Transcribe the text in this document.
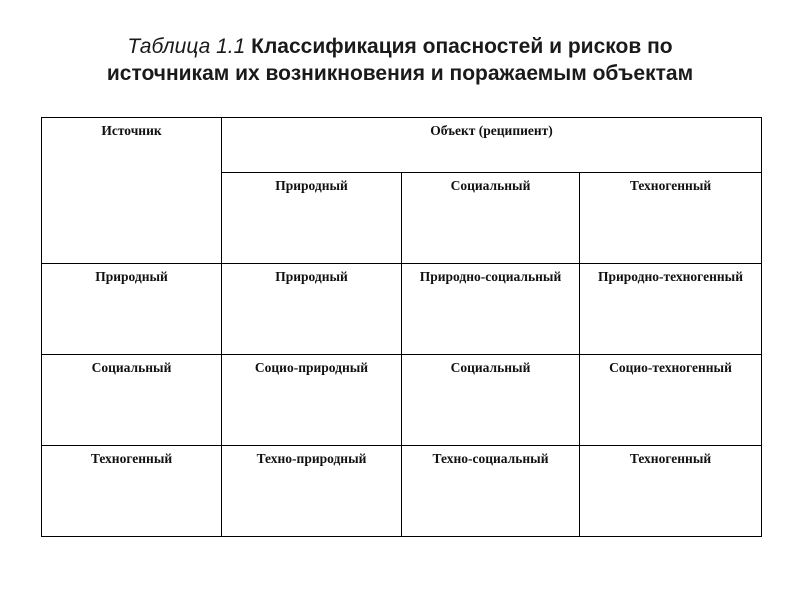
Таблица 1.1 Классификация опасностей и рисков по
источникам их возникновения и поражаемым объектам
Источник	Объект (реципиент)		
	Природный	Социальный	Техногенный
Природный	Природный	Природно-социальный	Природно-техногенный
Социальный	Социо-природный	Социальный	Социо-техногенный
Техногенный	Техно-природный	Техно-социальный	Техногенный
